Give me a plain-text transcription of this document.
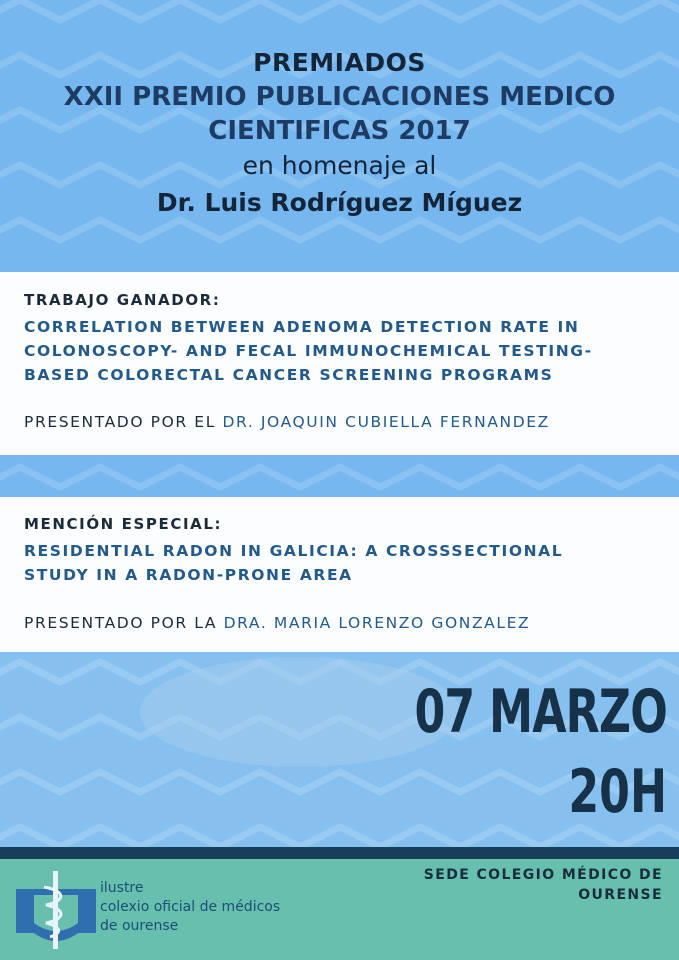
PREMIADOS
XXII PREMIO PUBLICACIONES MEDICO
CIENTIFICAS 2017
en homenaje al
Dr. Luis Rodríguez Míguez
TRABAJO GANADOR:
CORRELATION BETWEEN ADENOMA DETECTION RATE IN
COLONOSCOPY- AND FECAL IMMUNOCHEMICAL TESTING-
BASED COLORECTAL CANCER SCREENING PROGRAMS
PRESENTADO POR EL DR. JOAQUIN CUBIELLA FERNANDEZ
MENCIÓN ESPECIAL:
RESIDENTIAL RADON IN GALICIA: A CROSSSECTIONAL
STUDY IN A RADON-PRONE AREA
PRESENTADO POR LA DRA. MARIA LORENZO GONZALEZ
07 MARZO
20H
ilustre
colexio oficial de médicos
de ourense
SEDE COLEGIO MÉDICO DE
OURENSE
